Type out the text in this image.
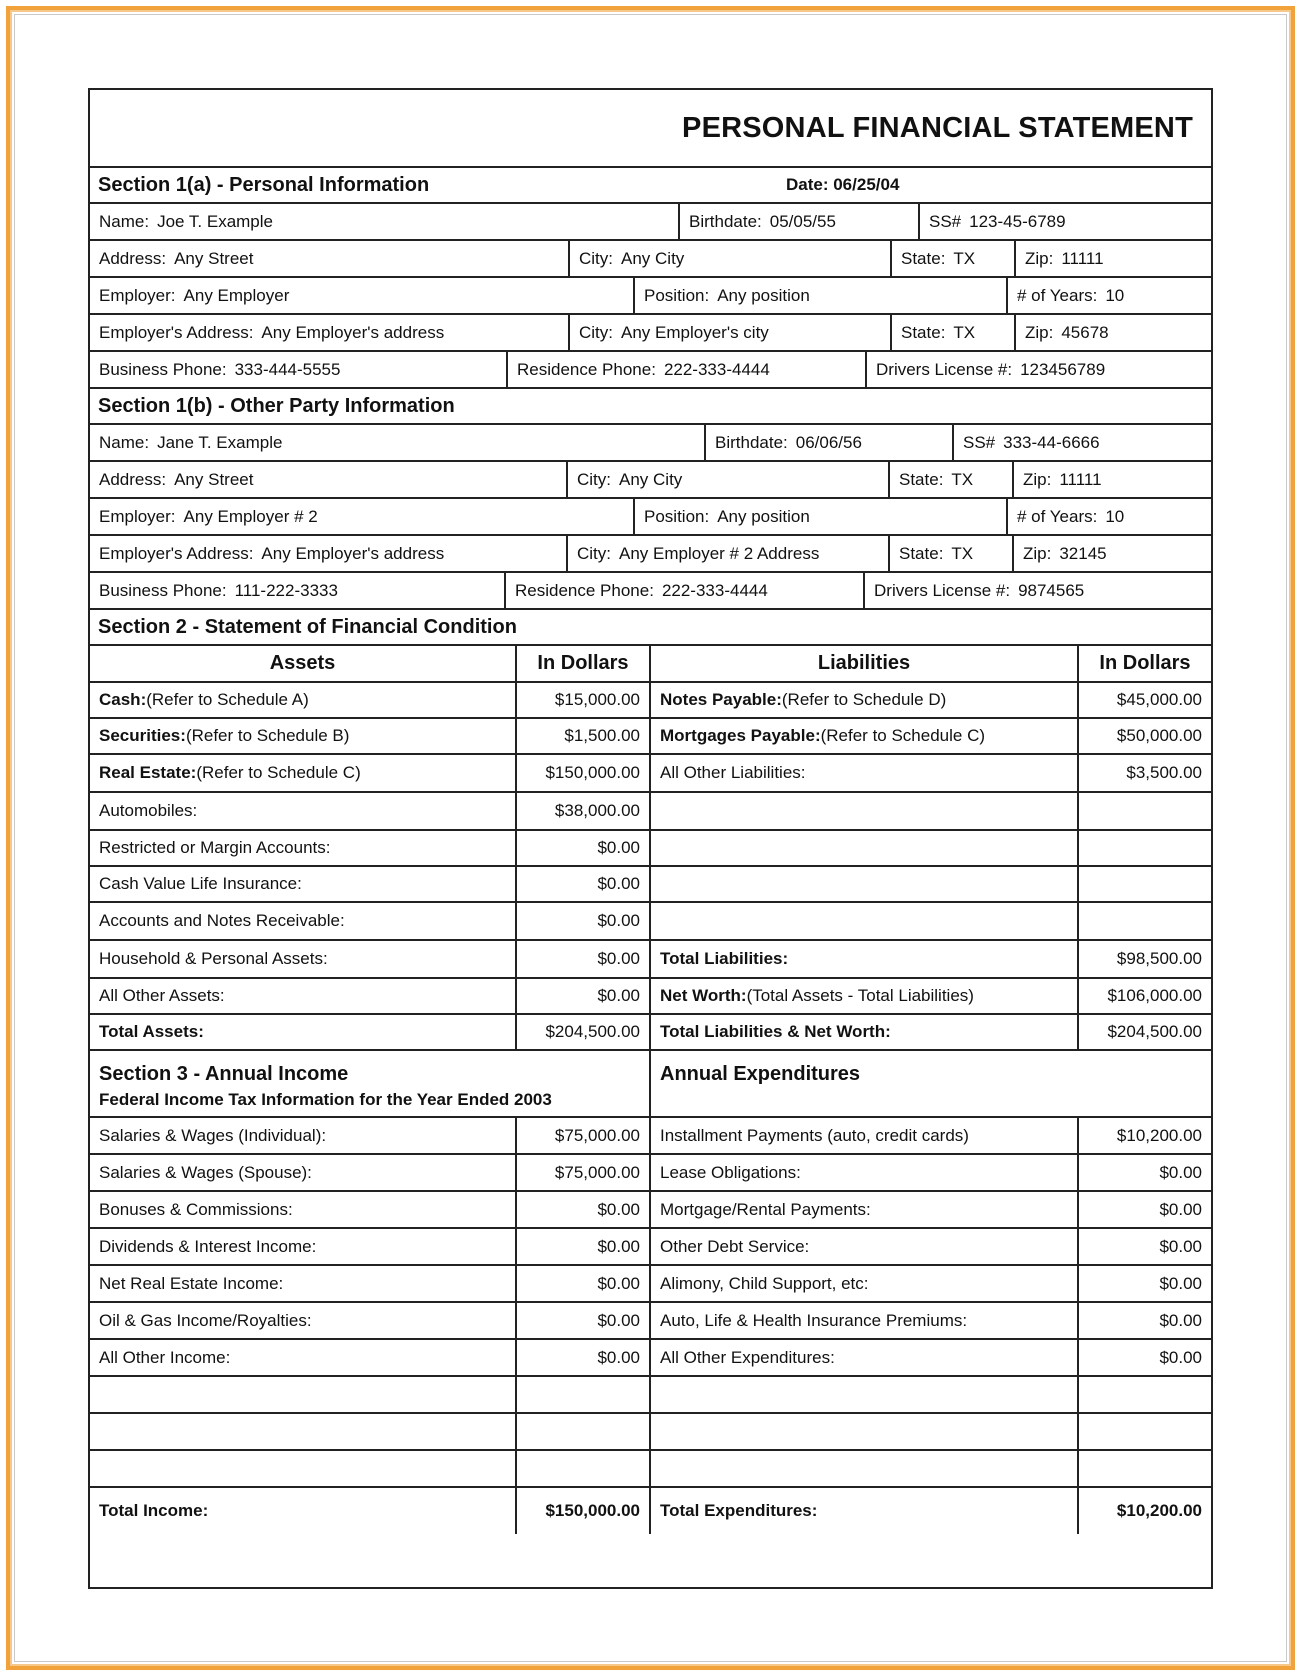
PERSONAL FINANCIAL STATEMENT
Section 1(a) - Personal Information	Date: 06/25/04
Name: Joe T. Example	Birthdate: 05/05/55	SS# 123-45-6789
Address: Any Street	City: Any City	State: TX	Zip: 11111
Employer: Any Employer	Position: Any position	# of Years: 10
Employer's Address: Any Employer's address	City: Any Employer's city	State: TX	Zip: 45678
Business Phone: 333-444-5555	Residence Phone: 222-333-4444	Drivers License #: 123456789
Section 1(b) - Other Party Information
Name: Jane T. Example	Birthdate: 06/06/56	SS# 333-44-6666
Address: Any Street	City: Any City	State: TX	Zip: 11111
Employer: Any Employer # 2	Position: Any position	# of Years: 10
Employer's Address: Any Employer's address	City: Any Employer # 2 Address	State: TX	Zip: 32145
Business Phone: 111-222-3333	Residence Phone: 222-333-4444	Drivers License #: 9874565
Section 2 - Statement of Financial Condition
Assets	In Dollars	Liabilities	In Dollars
Cash: (Refer to Schedule A)	$15,000.00	Notes Payable: (Refer to Schedule D)	$45,000.00
Securities: (Refer to Schedule B)	$1,500.00	Mortgages Payable: (Refer to Schedule C)	$50,000.00
Real Estate: (Refer to Schedule C)	$150,000.00	All Other Liabilities:	$3,500.00
Automobiles:	$38,000.00
Restricted or Margin Accounts:	$0.00
Cash Value Life Insurance:	$0.00
Accounts and Notes Receivable:	$0.00
Household & Personal Assets:	$0.00	Total Liabilities:	$98,500.00
All Other Assets:	$0.00	Net Worth: (Total Assets - Total Liabilities)	$106,000.00
Total Assets:	$204,500.00	Total Liabilities & Net Worth:	$204,500.00
Section 3 - Annual Income
Federal Income Tax Information for the Year Ended 2003
Annual Expenditures
Salaries & Wages (Individual):	$75,000.00	Installment Payments (auto, credit cards)	$10,200.00
Salaries & Wages (Spouse):	$75,000.00	Lease Obligations:	$0.00
Bonuses & Commissions:	$0.00	Mortgage/Rental Payments:	$0.00
Dividends & Interest Income:	$0.00	Other Debt Service:	$0.00
Net Real Estate Income:	$0.00	Alimony, Child Support, etc:	$0.00
Oil & Gas Income/Royalties:	$0.00	Auto, Life & Health Insurance Premiums:	$0.00
All Other Income:	$0.00	All Other Expenditures:	$0.00
Total Income:	$150,000.00	Total Expenditures:	$10,200.00
